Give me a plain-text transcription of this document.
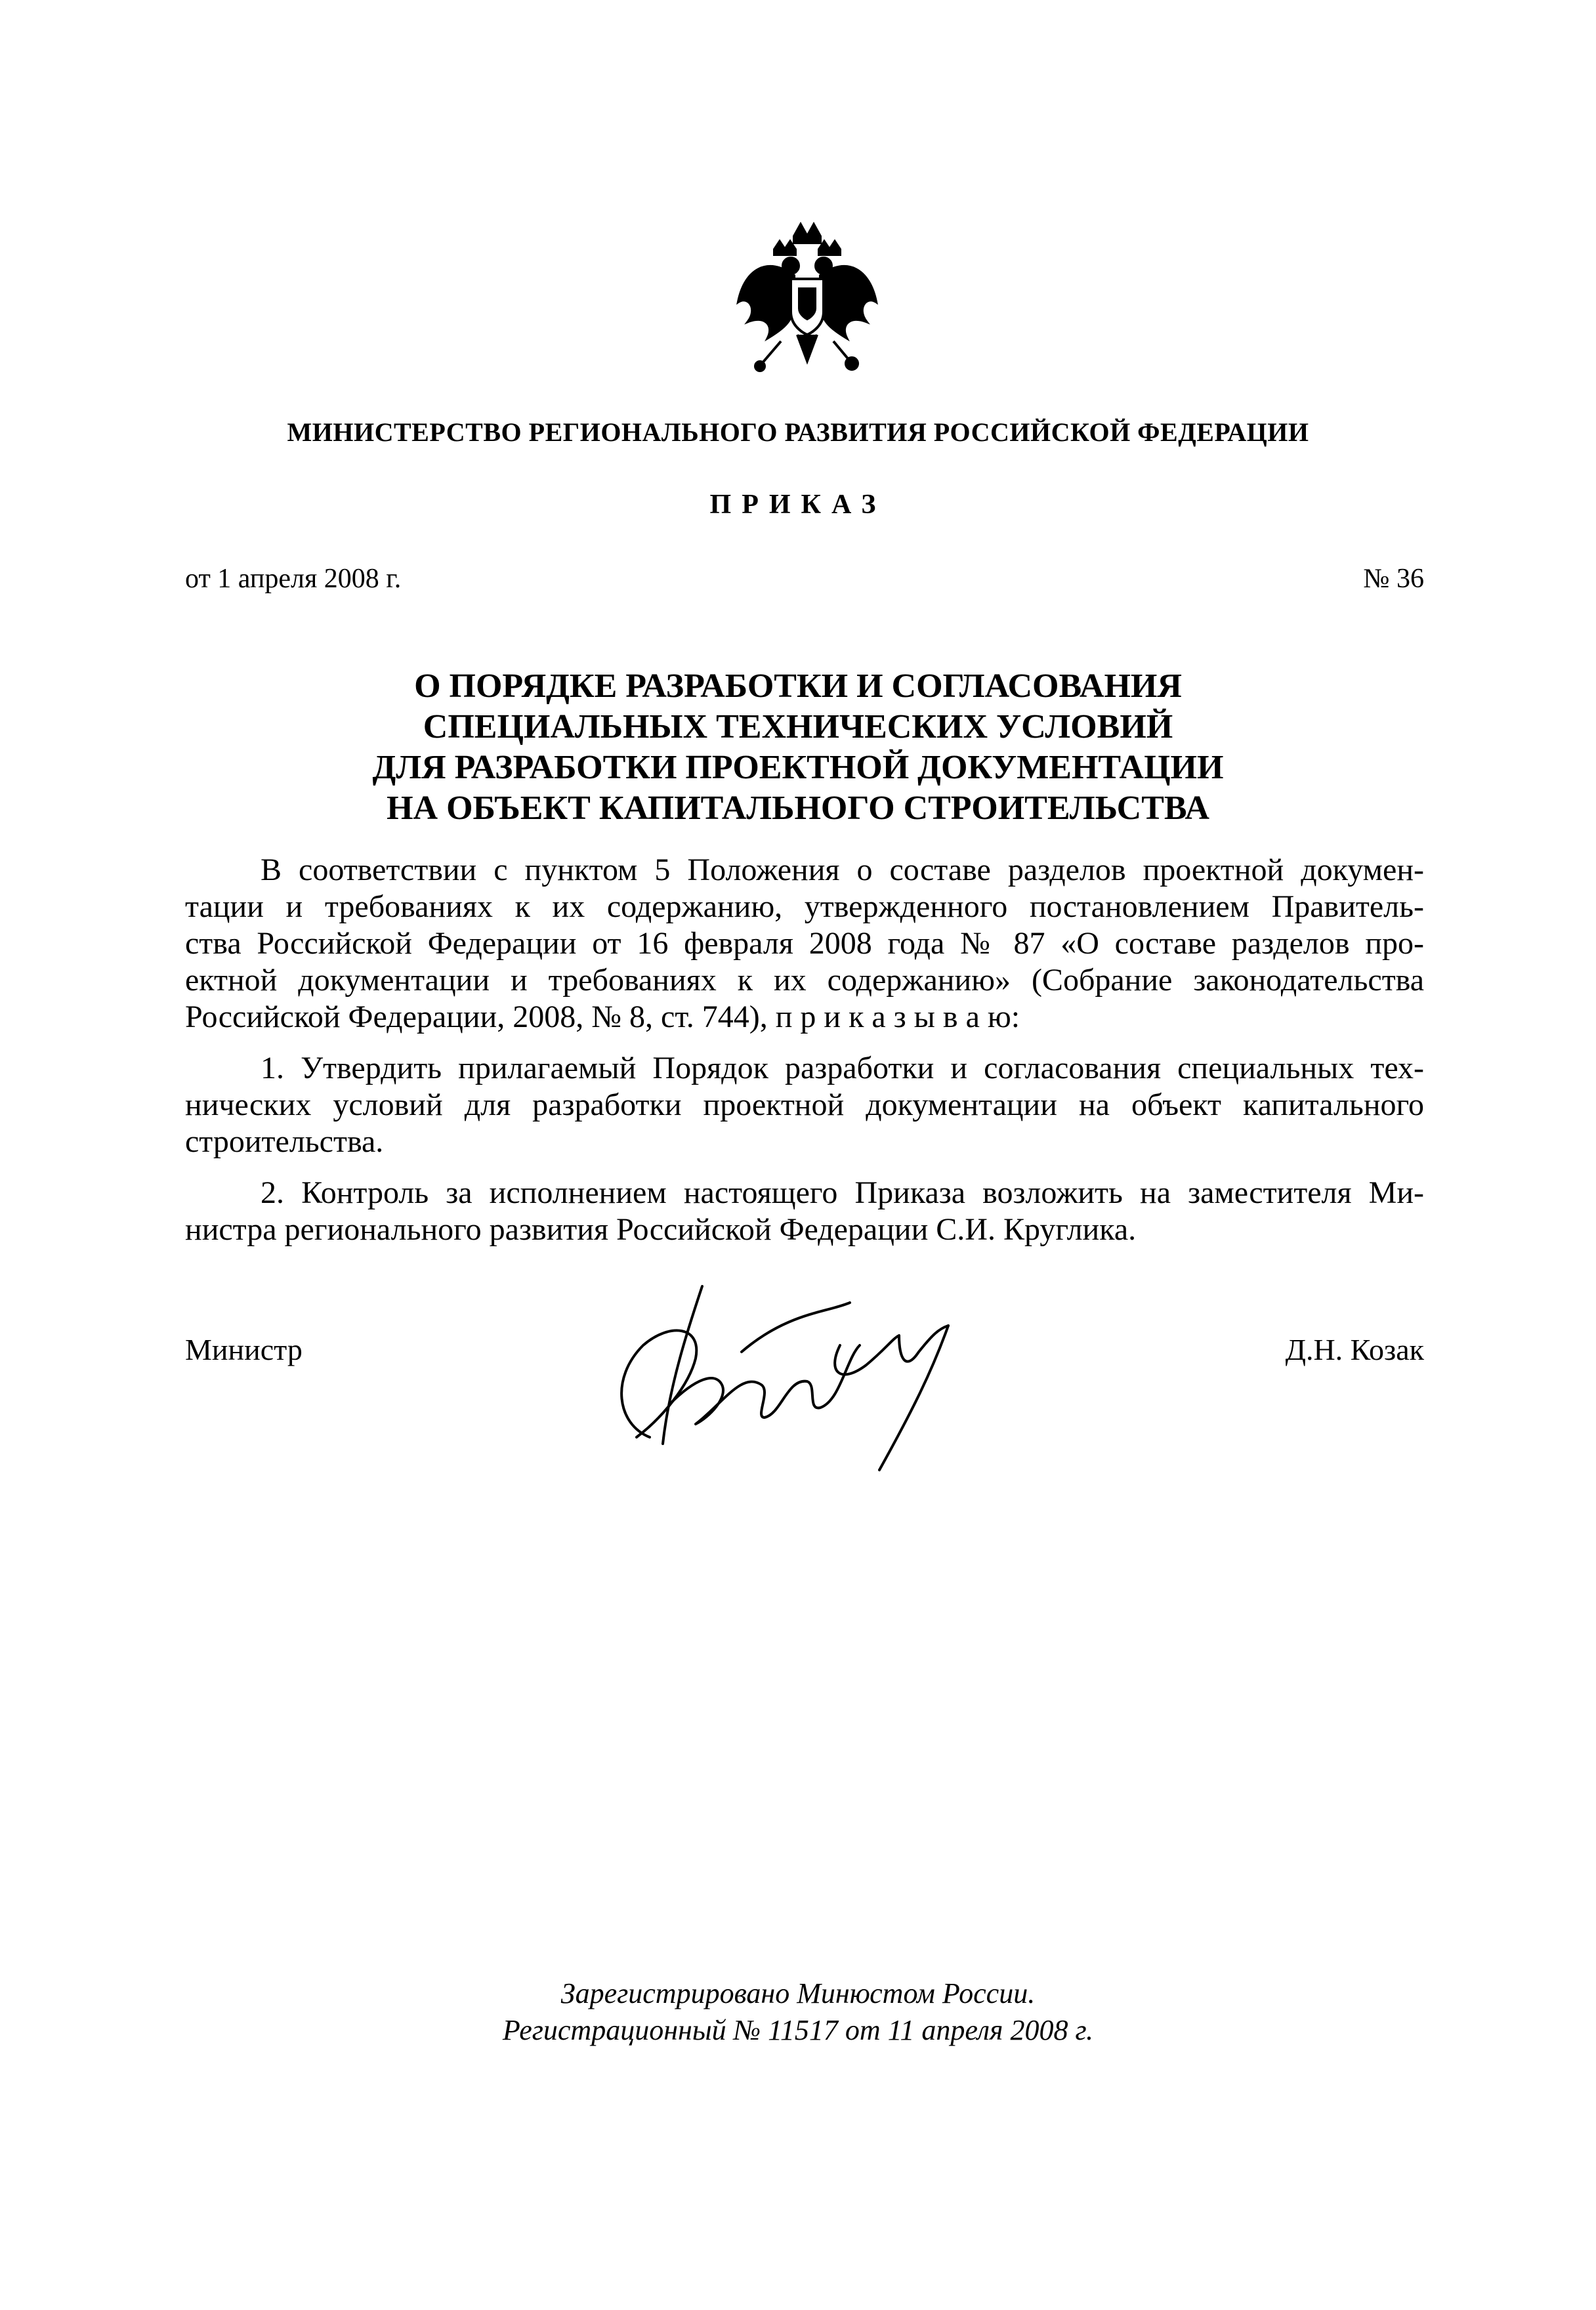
МИНИСТЕРСТВО РЕГИОНАЛЬНОГО РАЗВИТИЯ РОССИЙСКОЙ ФЕДЕРАЦИИ
ПРИКАЗ
от 1 апреля 2008 г.	№ 36
О ПОРЯДКЕ РАЗРАБОТКИ И СОГЛАСОВАНИЯ
СПЕЦИАЛЬНЫХ ТЕХНИЧЕСКИХ УСЛОВИЙ
ДЛЯ РАЗРАБОТКИ ПРОЕКТНОЙ ДОКУМЕНТАЦИИ
НА ОБЪЕКТ КАПИТАЛЬНОГО СТРОИТЕЛЬСТВА
В соответствии с пунктом 5 Положения о составе разделов проектной докумен-
тации и требованиях к их содержанию, утвержденного постановлением Правитель-
ства Российской Федерации от 16 февраля 2008 года № 87 «О составе разделов про-
ектной документации и требованиях к их содержанию» (Собрание законодательства
Российской Федерации, 2008, № 8, ст. 744), п р и к а з ы в а ю:
1. Утвердить прилагаемый Порядок разработки и согласования специальных тех-
нических условий для разработки проектной документации на объект капитального
строительства.
2. Контроль за исполнением настоящего Приказа возложить на заместителя Ми-
нистра регионального развития Российской Федерации С.И. Круглика.
Министр	Д.Н. Козак
Зарегистрировано Минюстом России.
Регистрационный № 11517 от 11 апреля 2008 г.
